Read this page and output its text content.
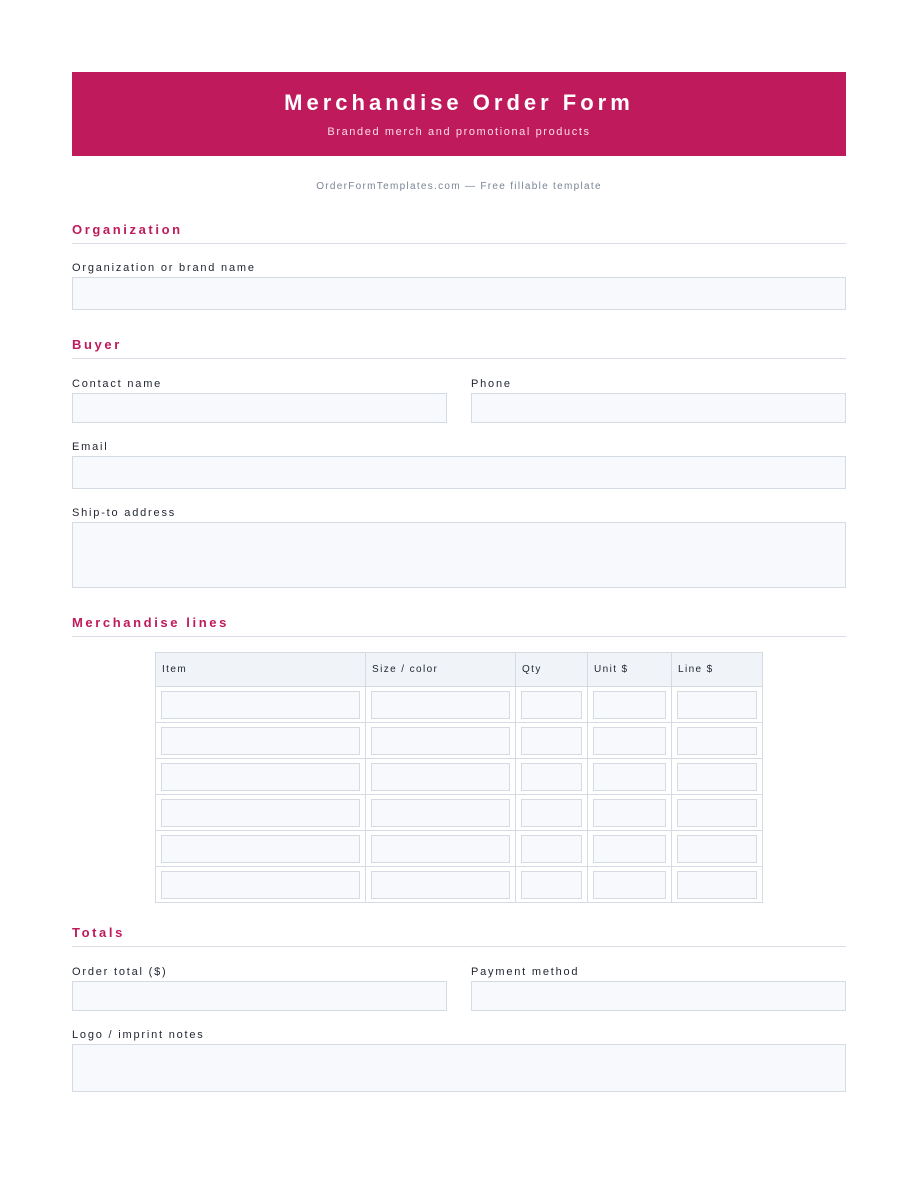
Merchandise Order Form
Branded merch and promotional products
OrderFormTemplates.com — Free fillable template
Organization
Organization or brand name
Buyer
Contact name	Phone
Email
Ship-to address
Merchandise lines
Item	Size / color	Qty	Unit $	Line $

Totals
Order total ($)	Payment method
Logo / imprint notes
